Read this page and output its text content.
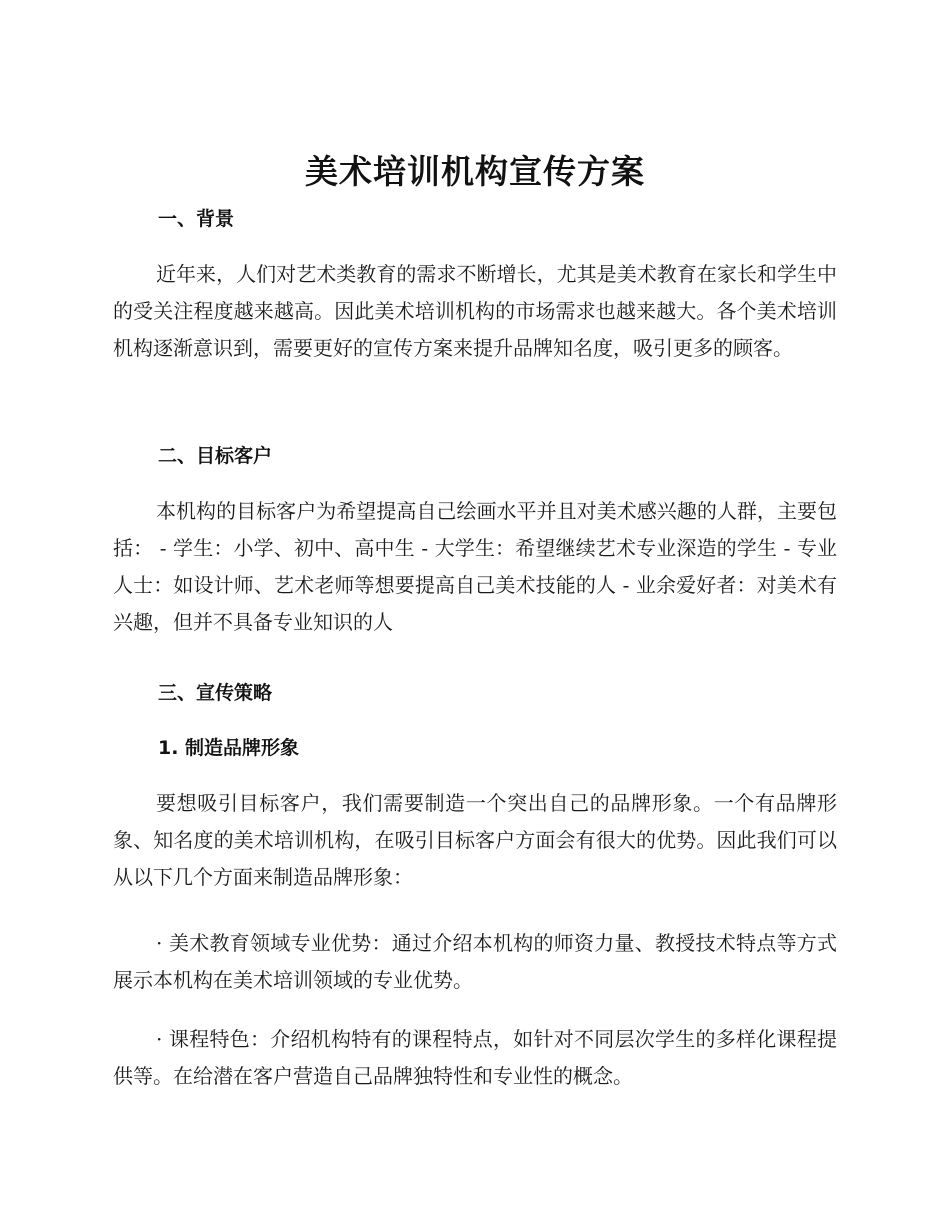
美术培训机构宣传方案
一、背景

近年来，人们对艺术类教育的需求不断增长，尤其是美术教育在家长和学生中的受关注程度越来越高。因此美术培训机构的市场需求也越来越大。各个美术培训机构逐渐意识到，需要更好的宣传方案来提升品牌知名度，吸引更多的顾客。

二、目标客户

本机构的目标客户为希望提高自己绘画水平并且对美术感兴趣的人群，主要包括： - 学生：小学、初中、高中生 - 大学生：希望继续艺术专业深造的学生 - 专业人士：如设计师、艺术老师等想要提高自己美术技能的人 - 业余爱好者：对美术有兴趣，但并不具备专业知识的人

三、宣传策略
1. 制造品牌形象

要想吸引目标客户，我们需要制造一个突出自己的品牌形象。一个有品牌形象、知名度的美术培训机构，在吸引目标客户方面会有很大的优势。因此我们可以从以下几个方面来制造品牌形象：

· 美术教育领域专业优势：通过介绍本机构的师资力量、教授技术特点等方式展示本机构在美术培训领域的专业优势。

· 课程特色：介绍机构特有的课程特点，如针对不同层次学生的多样化课程提供等。在给潜在客户营造自己品牌独特性和专业性的概念。
